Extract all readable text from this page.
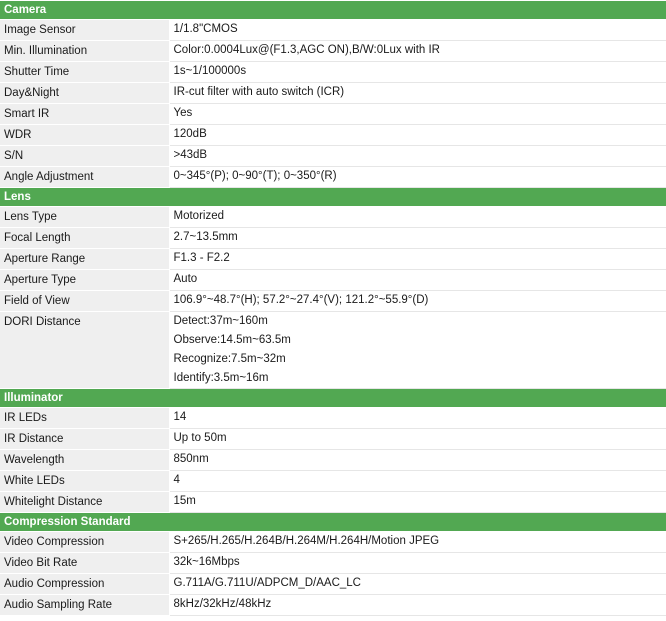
Camera	
Image Sensor	1/1.8"CMOS

Min. Illumination	Color:0.0004Lux@(F1.3,AGC ON),B/W:0Lux with IR

Shutter Time	1s~1/100000s

Day&Night	IR-cut filter with auto switch (ICR)

Smart IR	Yes

WDR	120dB

S/N	>43dB

Angle Adjustment	0~345°(P); 0~90°(T); 0~350°(R)

Lens	
Lens Type	Motorized

Focal Length	2.7~13.5mm

Aperture Range	F1.3 - F2.2

Aperture Type	Auto

Field of View	106.9°~48.7°(H); 57.2°~27.4°(V); 121.2°~55.9°(D)

DORI Distance	Detect:37m~160m
Observe:14.5m~63.5m
Recognize:7.5m~32m
Identify:3.5m~16m

Illuminator	
IR LEDs	14

IR Distance	Up to 50m

Wavelength	850nm

White LEDs	4

Whitelight Distance	15m

Compression Standard	
Video Compression	S+265/H.265/H.264B/H.264M/H.264H/Motion JPEG

Video Bit Rate	32k~16Mbps

Audio Compression	G.711A/G.711U/ADPCM_D/AAC_LC

Audio Sampling Rate	8kHz/32kHz/48kHz
